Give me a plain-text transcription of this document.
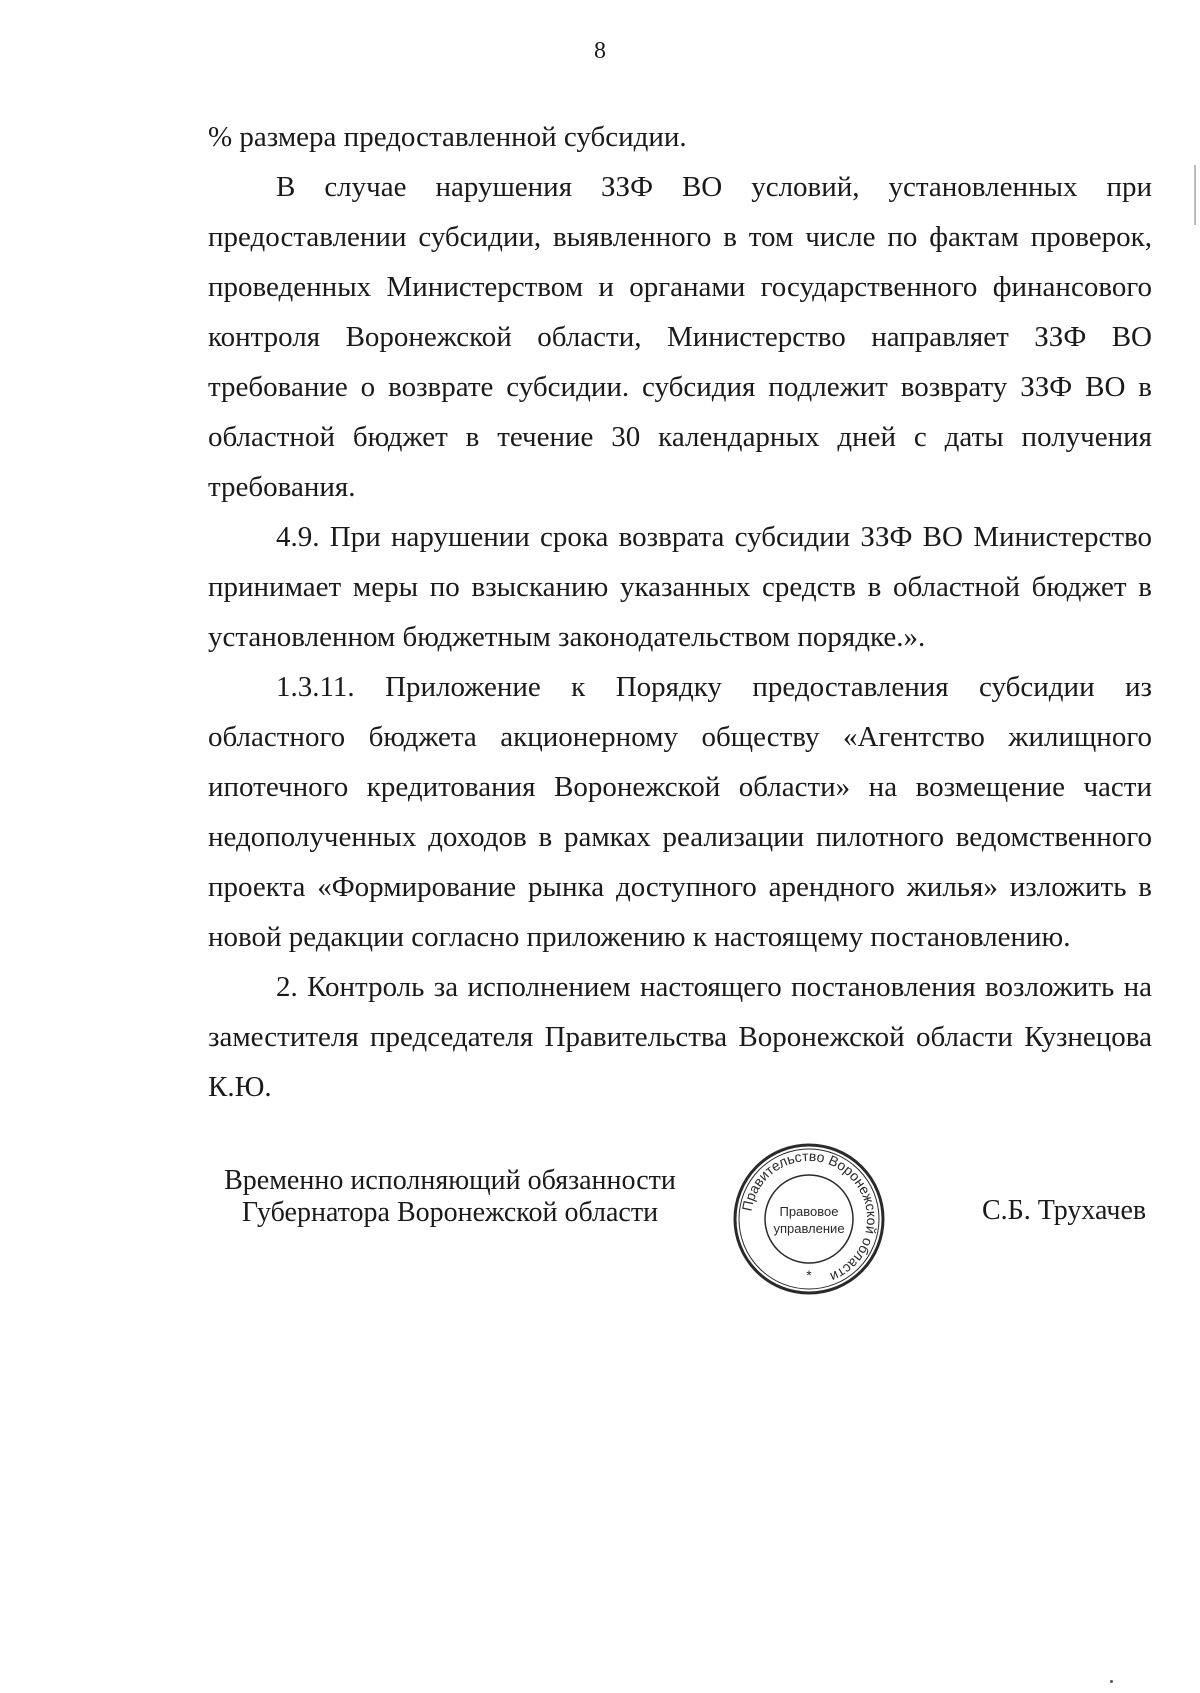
8

% размера предоставленной субсидии.

В случае нарушения ЗЗФ ВО условий, установленных при предоставлении субсидии, выявленного в том числе по фактам проверок, проведенных Министерством и органами государственного финансового контроля Воронежской области, Министерство направляет ЗЗФ ВО требование о возврате субсидии. субсидия подлежит возврату ЗЗФ ВО в областной бюджет в течение 30 календарных дней с даты получения требования.

4.9. При нарушении срока возврата субсидии ЗЗФ ВО Министерство принимает меры по взысканию указанных средств в областной бюджет в установленном бюджетным законодательством порядке.».

1.3.11. Приложение к Порядку предоставления субсидии из областного бюджета акционерному обществу «Агентство жилищного ипотечного кредитования Воронежской области» на возмещение части недополученных доходов в рамках реализации пилотного ведомственного проекта «Формирование рынка доступного арендного жилья» изложить в новой редакции согласно приложению к настоящему постановлению.

2. Контроль за исполнением настоящего постановления возложить на заместителя председателя Правительства Воронежской области Кузнецова К.Ю.

Временно исполняющий обязанности
Губернатора Воронежской области	Правительство Воронежской области
Правовое
управление
*
С.Б. Трухачев
